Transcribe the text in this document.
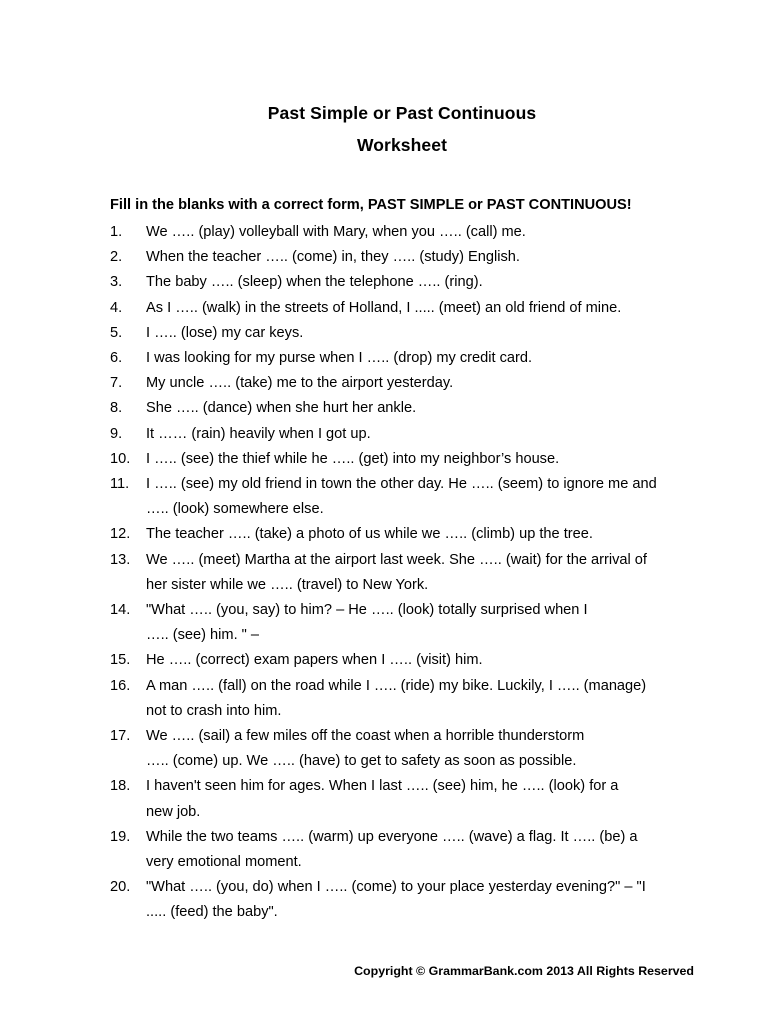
Past Simple or Past Continuous
Worksheet
Fill in the blanks with a correct form, PAST SIMPLE or PAST CONTINUOUS!
1. We ….. (play) volleyball with Mary, when you ….. (call) me.
2. When the teacher ….. (come) in, they ….. (study) English.
3. The baby ….. (sleep) when the telephone ….. (ring).
4. As I ….. (walk) in the streets of Holland, I ..... (meet) an old friend of mine.
5. I ….. (lose) my car keys.
6. I was looking for my purse when I ….. (drop) my credit card.
7. My uncle ….. (take) me to the airport yesterday.
8. She ….. (dance) when she hurt her ankle.
9. It …… (rain) heavily when I got up.
10. I ….. (see) the thief while he ….. (get) into my neighbor’s house.
11. I ….. (see) my old friend in town the other day. He ….. (seem) to ignore me and
….. (look) somewhere else.
12. The teacher ….. (take) a photo of us while we ….. (climb) up the tree.
13. We ….. (meet) Martha at the airport last week. She ….. (wait) for the arrival of
her sister while we ….. (travel) to New York.
14. "What ….. (you, say) to him? – He ….. (look) totally surprised when I
….. (see) him. " –
15. He ….. (correct) exam papers when I ….. (visit) him.
16. A man ….. (fall) on the road while I ….. (ride) my bike. Luckily, I ….. (manage)
not to crash into him.
17. We ….. (sail) a few miles off the coast when a horrible thunderstorm
….. (come) up. We ….. (have) to get to safety as soon as possible.
18. I haven't seen him for ages. When I last ….. (see) him, he ….. (look) for a
new job.
19. While the two teams ….. (warm) up everyone ….. (wave) a flag. It ….. (be) a
very emotional moment.
20. "What ….. (you, do) when I ….. (come) to your place yesterday evening?" – "I
..... (feed) the baby".
Copyright © GrammarBank.com 2013 All Rights Reserved
